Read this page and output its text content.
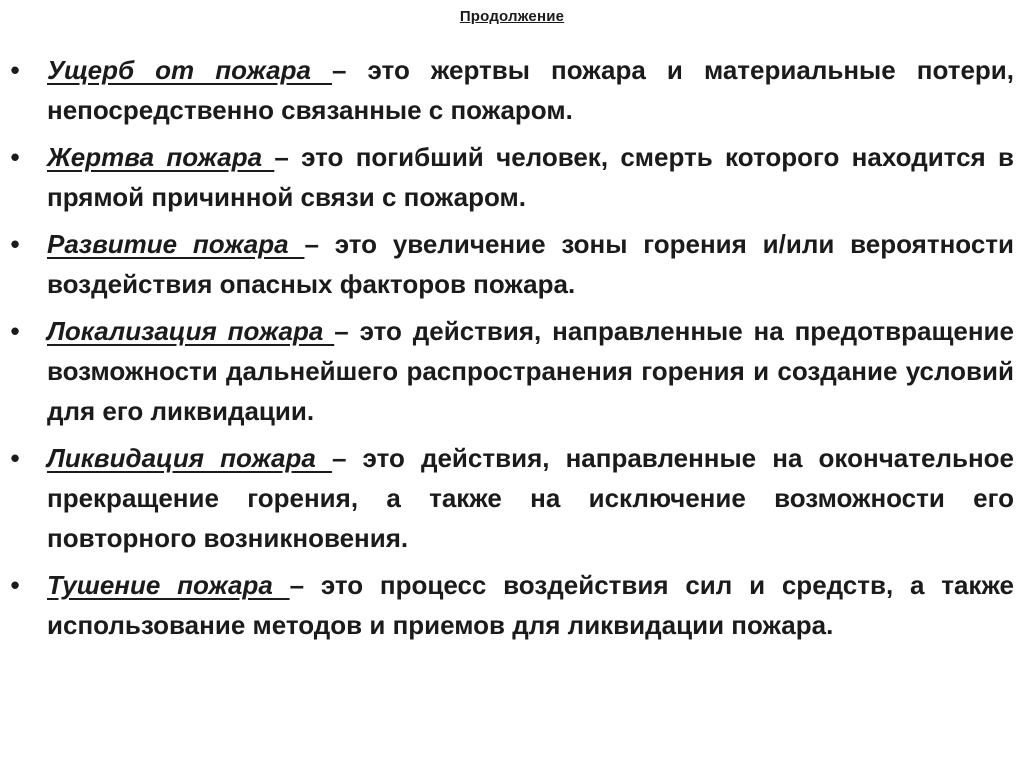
Продолжение
• Ущерб от пожара – это жертвы пожара и материальные потери, непосредственно связанные с пожаром.
• Жертва пожара – это погибший человек, смерть которого находится в прямой причинной связи с пожаром.
• Развитие пожара – это увеличение зоны горения и/или вероятности воздействия опасных факторов пожара.
• Локализация пожара – это действия, направленные на предотвращение возможности дальнейшего распространения горения и создание условий для его ликвидации.
• Ликвидация пожара – это действия, направленные на окончательное прекращение горения, а также на исключение возможности его повторного возникновения.
• Тушение пожара – это процесс воздействия сил и средств, а также использование методов и приемов для ликвидации пожара.
